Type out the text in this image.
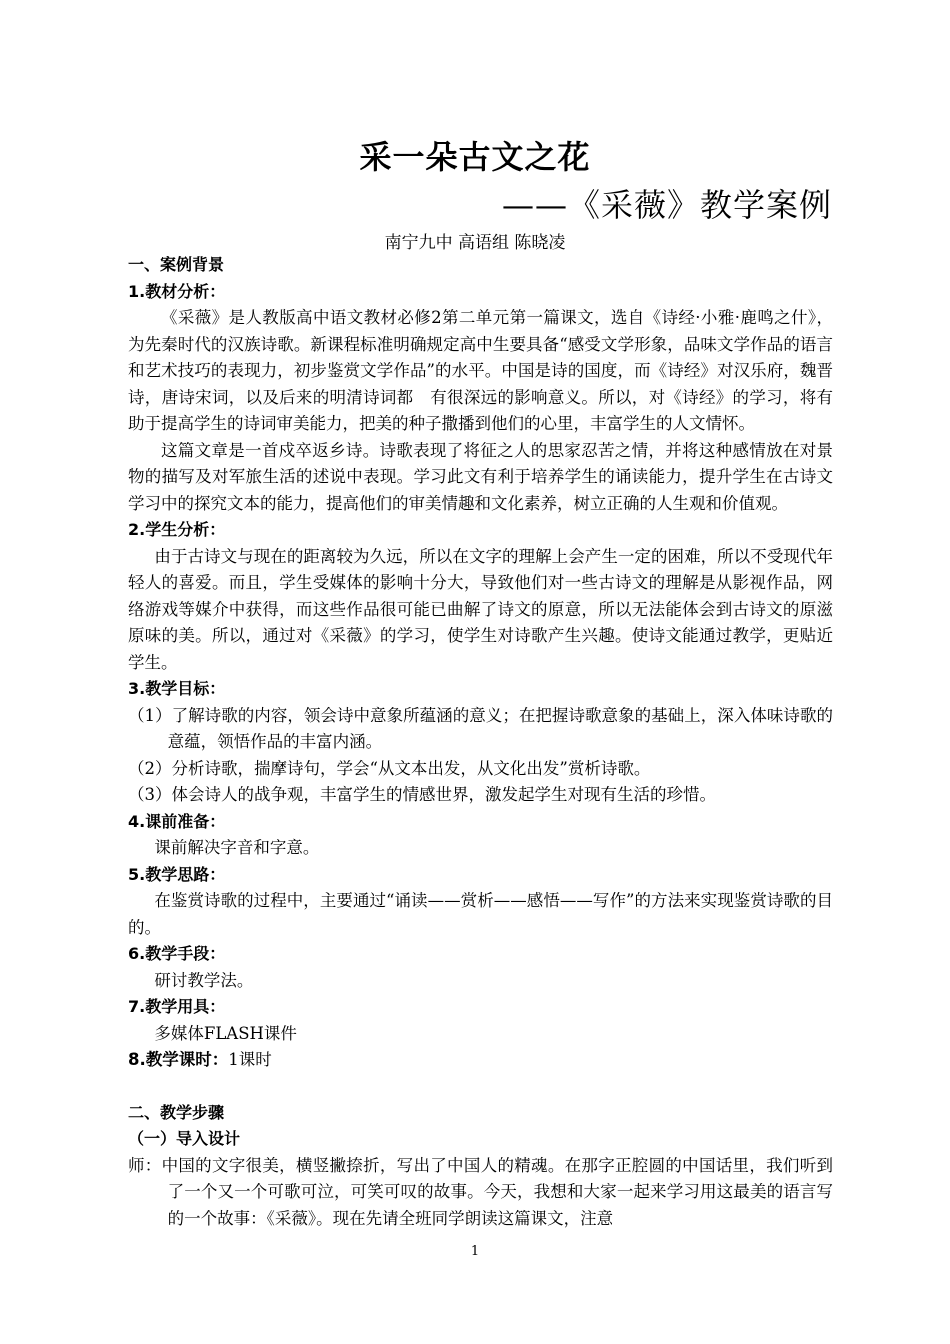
采一朵古文之花
——《采薇》教学案例
南宁九中 高语组 陈晓凌

一、案例背景

1.教材分析：

《采薇》是人教版高中语文教材必修2第二单元第一篇课文，选自《诗经·小雅·鹿鸣之什》，为先秦时代的汉族诗歌。新课程标准明确规定高中生要具备“感受文学形象，品味文学作品的语言和艺术技巧的表现力，初步鉴赏文学作品”的水平。中国是诗的国度，而《诗经》对汉乐府，魏晋诗，唐诗宋词，以及后来的明清诗词都　有很深远的影响意义。所以，对《诗经》的学习，将有助于提高学生的诗词审美能力，把美的种子撒播到他们的心里，丰富学生的人文情怀。

这篇文章是一首戍卒返乡诗。诗歌表现了将征之人的思家忍苦之情，并将这种感情放在对景物的描写及对军旅生活的述说中表现。学习此文有利于培养学生的诵读能力，提升学生在古诗文学习中的探究文本的能力，提高他们的审美情趣和文化素养，树立正确的人生观和价值观。

2.学生分析：

由于古诗文与现在的距离较为久远，所以在文字的理解上会产生一定的困难，所以不受现代年轻人的喜爱。而且，学生受媒体的影响十分大，导致他们对一些古诗文的理解是从影视作品，网络游戏等媒介中获得，而这些作品很可能已曲解了诗文的原意，所以无法能体会到古诗文的原滋原味的美。所以，通过对《采薇》的学习，使学生对诗歌产生兴趣。使诗文能通过教学，更贴近学生。

3.教学目标：

（1）了解诗歌的内容，领会诗中意象所蕴涵的意义；在把握诗歌意象的基础上，深入体味诗歌的意蕴，领悟作品的丰富内涵。

（2）分析诗歌，揣摩诗句，学会“从文本出发，从文化出发”赏析诗歌。

（3）体会诗人的战争观，丰富学生的情感世界，激发起学生对现有生活的珍惜。

4.课前准备：

课前解决字音和字意。

5.教学思路：

在鉴赏诗歌的过程中，主要通过“诵读——赏析——感悟——写作”的方法来实现鉴赏诗歌的目的。

6.教学手段：

研讨教学法。

7.教学用具：

多媒体FLASH课件

8.教学课时：1课时

二、教学步骤

（一）导入设计

师：中国的文字很美，横竖撇捺折，写出了中国人的精魂。在那字正腔圆的中国话里，我们听到了一个又一个可歌可泣，可笑可叹的故事。今天，我想和大家一起来学习用这最美的语言写的一个故事：《采薇》。现在先请全班同学朗读这篇课文，注意

1
